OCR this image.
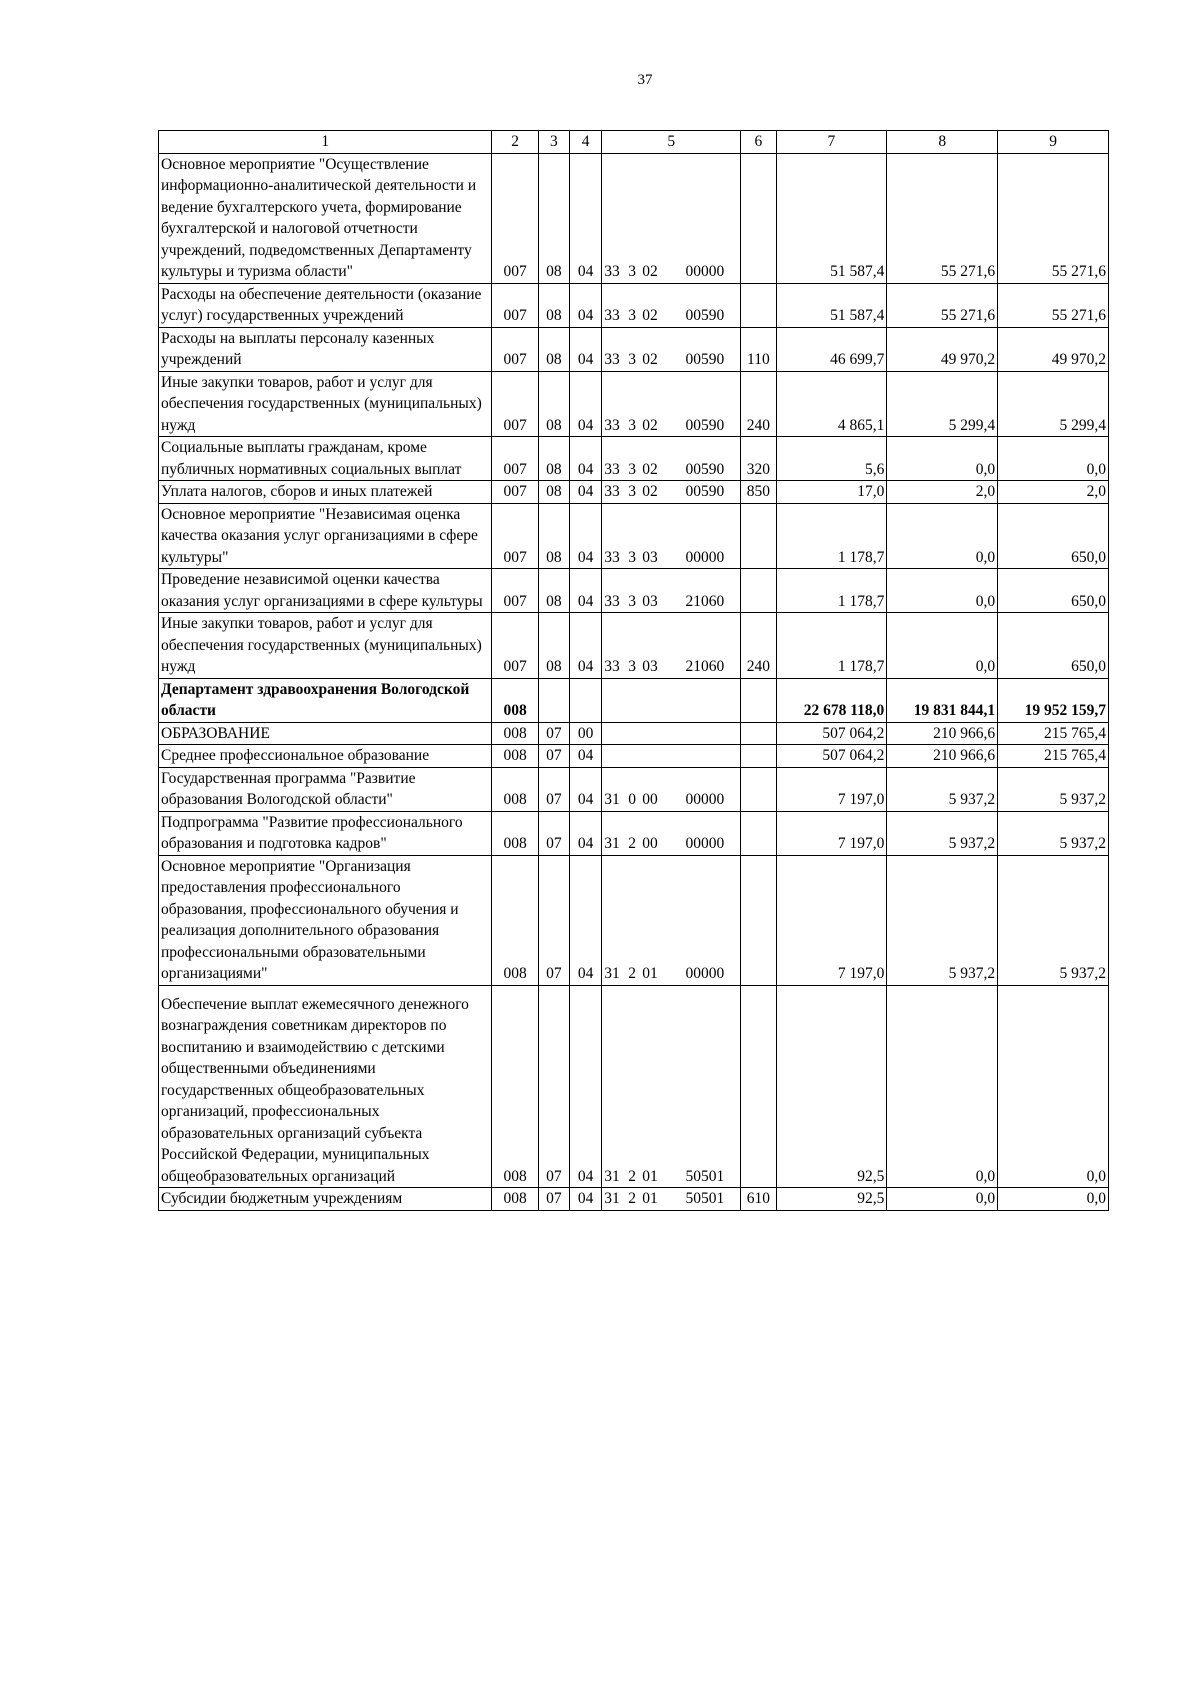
37
1	2	3	4	5	6	7	8	9
Основное мероприятие "Осуществление информационно-аналитической деятельности и ведение бухгалтерского учета, формирование бухгалтерской и налоговой отчетности учреждений, подведомственных Департаменту культуры и туризма области"	007	08	04	33 3 02 00000		51 587,4	55 271,6	55 271,6
Расходы на обеспечение деятельности (оказание услуг) государственных учреждений	007	08	04	33 3 02 00590		51 587,4	55 271,6	55 271,6
Расходы на выплаты персоналу казенных учреждений	007	08	04	33 3 02 00590	110	46 699,7	49 970,2	49 970,2
Иные закупки товаров, работ и услуг для обеспечения государственных (муниципальных) нужд	007	08	04	33 3 02 00590	240	4 865,1	5 299,4	5 299,4
Социальные выплаты гражданам, кроме публичных нормативных социальных выплат	007	08	04	33 3 02 00590	320	5,6	0,0	0,0
Уплата налогов, сборов и иных платежей	007	08	04	33 3 02 00590	850	17,0	2,0	2,0
Основное мероприятие "Независимая оценка качества оказания услуг организациями в сфере культуры"	007	08	04	33 3 03 00000		1 178,7	0,0	650,0
Проведение независимой оценки качества оказания услуг организациями в сфере культуры	007	08	04	33 3 03 21060		1 178,7	0,0	650,0
Иные закупки товаров, работ и услуг для обеспечения государственных (муниципальных) нужд	007	08	04	33 3 03 21060	240	1 178,7	0,0	650,0
Департамент здравоохранения Вологодской области	008					22 678 118,0	19 831 844,1	19 952 159,7
ОБРАЗОВАНИЕ	008	07	00			507 064,2	210 966,6	215 765,4
Среднее профессиональное образование	008	07	04			507 064,2	210 966,6	215 765,4
Государственная программа "Развитие образования Вологодской области"	008	07	04	31 0 00 00000		7 197,0	5 937,2	5 937,2
Подпрограмма "Развитие профессионального образования и подготовка кадров"	008	07	04	31 2 00 00000		7 197,0	5 937,2	5 937,2
Основное мероприятие "Организация предоставления профессионального образования, профессионального обучения и реализация дополнительного образования профессиональными образовательными организациями"	008	07	04	31 2 01 00000		7 197,0	5 937,2	5 937,2
Обеспечение выплат ежемесячного денежного вознаграждения советникам директоров по воспитанию и взаимодействию с детскими общественными объединениями государственных общеобразовательных организаций, профессиональных образовательных организаций субъекта Российской Федерации, муниципальных общеобразовательных организаций	008	07	04	31 2 01 50501		92,5	0,0	0,0
Субсидии бюджетным учреждениям	008	07	04	31 2 01 50501	610	92,5	0,0	0,0
